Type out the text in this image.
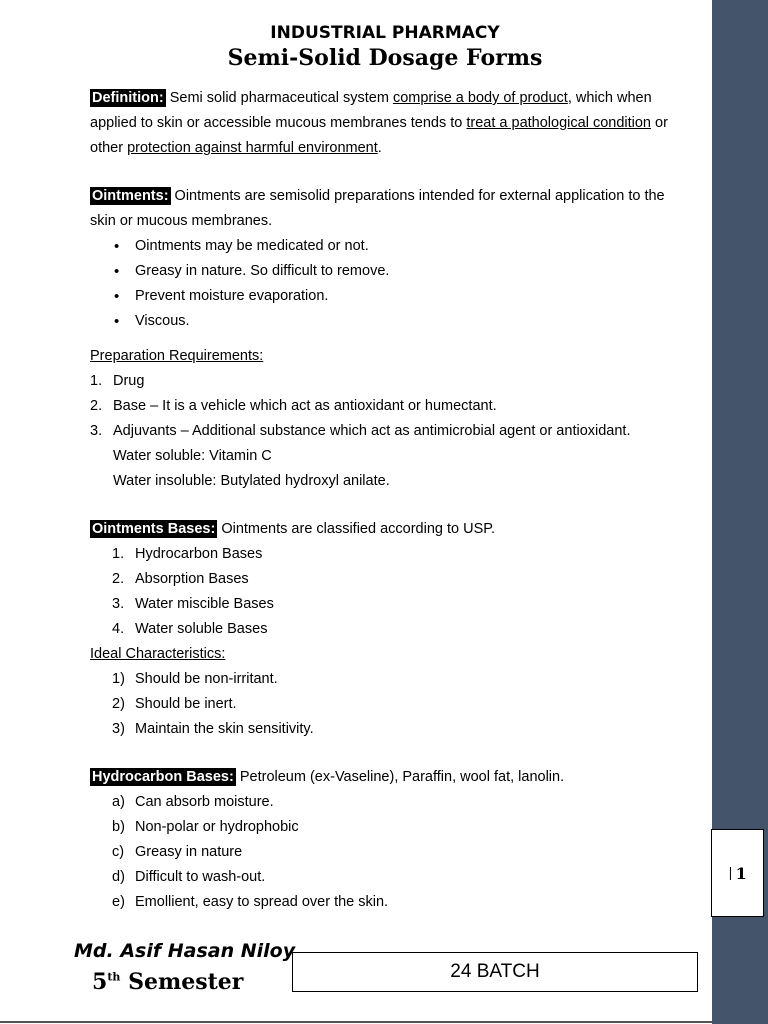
| 1
INDUSTRIAL PHARMACY
Semi-Solid Dosage Forms

Definition: Semi solid pharmaceutical system comprise a body of product, which when applied to skin or accessible mucous membranes tends to treat a pathological condition or other protection against harmful environment.

Ointments: Ointments are semisolid preparations intended for external application to the skin or mucous membranes.

• Ointments may be medicated or not.
• Greasy in nature. So difficult to remove.
• Prevent moisture evaporation.
• Viscous.

Preparation Requirements:

1. Drug
2. Base – It is a vehicle which act as antioxidant or humectant.
3. Adjuvants – Additional substance which act as antimicrobial agent or antioxidant.

Water soluble: Vitamin C

Water insoluble: Butylated hydroxyl anilate.

Ointments Bases: Ointments are classified according to USP.

1. Hydrocarbon Bases
2. Absorption Bases
3. Water miscible Bases
4. Water soluble Bases

Ideal Characteristics:

1) Should be non-irritant.
2) Should be inert.
3) Maintain the skin sensitivity.

Hydrocarbon Bases: Petroleum (ex-Vaseline), Paraffin, wool fat, lanolin.

a) Can absorb moisture.
b) Non-polar or hydrophobic
c) Greasy in nature
d) Difficult to wash-out.
e) Emollient, easy to spread over the skin.
Md. Asif Hasan Niloy
5th Semester	24 BATCH
